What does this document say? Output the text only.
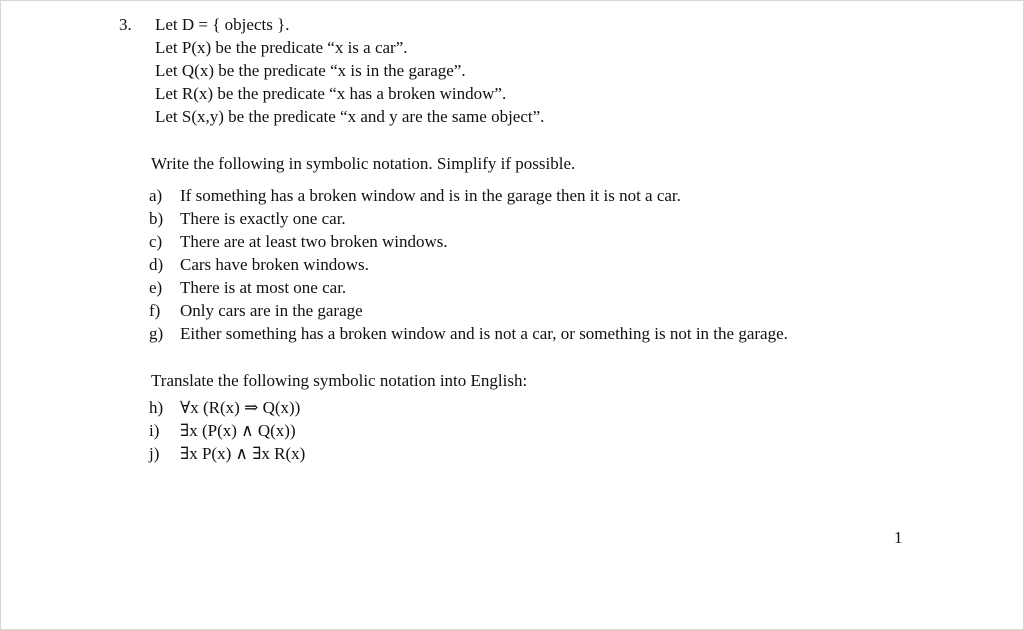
3. Let D = { objects }.
Let P(x) be the predicate “x is a car”.
Let Q(x) be the predicate “x is in the garage”.
Let R(x) be the predicate “x has a broken window”.
Let S(x,y) be the predicate “x and y are the same object”.
Write the following in symbolic notation. Simplify if possible.
a)	If something has a broken window and is in the garage then it is not a car.
b) There is exactly one car.
c)	There are at least two broken windows.
d) Cars have broken windows.
e)	There is at most one car.
f)	Only cars are in the garage
g) Either something has a broken window and is not a car, or something is not in the garage.
Translate the following symbolic notation into English:
h) ∀x (R(x) ⇒ Q(x))
i)	∃x (P(x) ∧ Q(x))
j)	∃x P(x) ∧ ∃x R(x)
1
